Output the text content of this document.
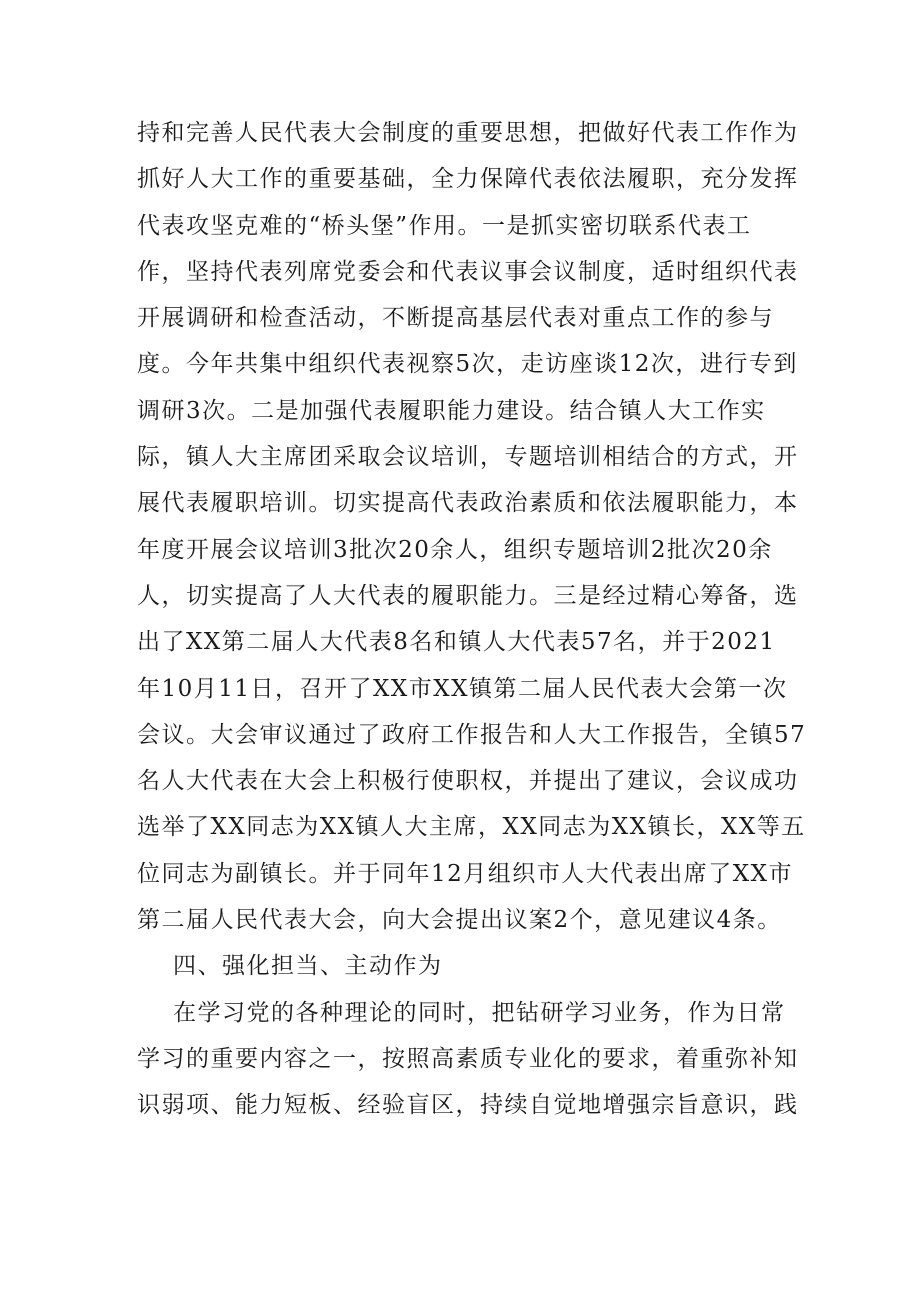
持和完善人民代表大会制度的重要思想，把做好代表工作作为
抓好人大工作的重要基础，全力保障代表依法履职，充分发挥
代表攻坚克难的“桥头堡”作用。一是抓实密切联系代表工
作，坚持代表列席党委会和代表议事会议制度，适时组织代表
开展调研和检查活动，不断提高基层代表对重点工作的参与
度。今年共集中组织代表视察5次，走访座谈12次，进行专到
调研3次。二是加强代表履职能力建设。结合镇人大工作实
际，镇人大主席团采取会议培训，专题培训相结合的方式，开
展代表履职培训。切实提高代表政治素质和依法履职能力，本
年度开展会议培训3批次20余人，组织专题培训2批次20余
人，切实提高了人大代表的履职能力。三是经过精心筹备，选
出了XX第二届人大代表8名和镇人大代表57名，并于2021
年10月11日，召开了XX市XX镇第二届人民代表大会第一次
会议。大会审议通过了政府工作报告和人大工作报告，全镇57
名人大代表在大会上积极行使职权，并提出了建议，会议成功
选举了XX同志为XX镇人大主席，XX同志为XX镇长，XX等五
位同志为副镇长。并于同年12月组织市人大代表出席了XX市
第二届人民代表大会，向大会提出议案2个，意见建议4条。
四、强化担当、主动作为
在学习党的各种理论的同时，把钻研学习业务，作为日常
学习的重要内容之一，按照高素质专业化的要求，着重弥补知
识弱项、能力短板、经验盲区，持续自觉地增强宗旨意识，践
